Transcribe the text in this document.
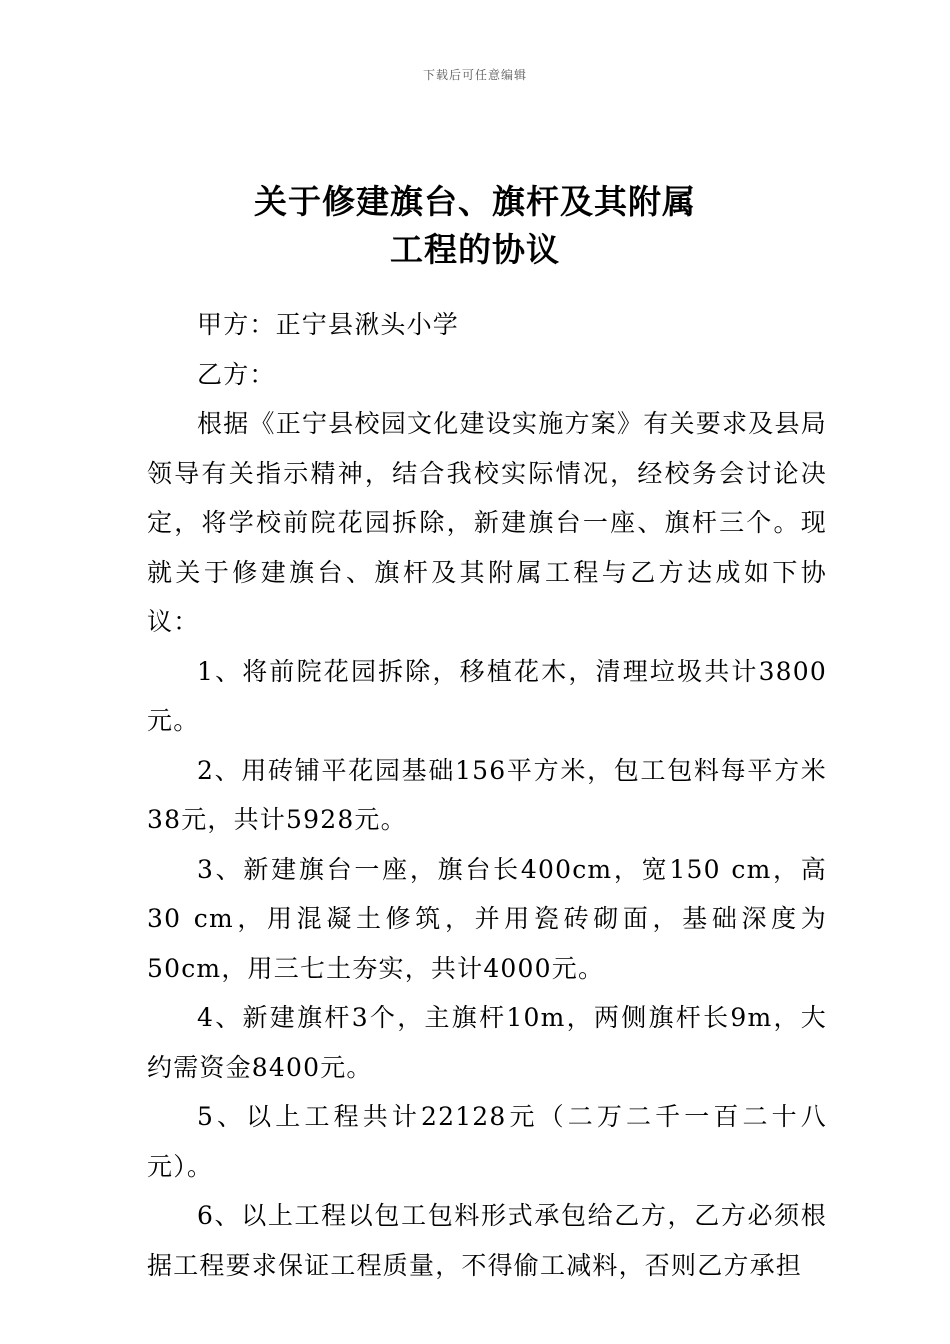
下载后可任意编辑
关于修建旗台、旗杆及其附属
工程的协议

甲方：正宁县湫头小学

乙方：

根据《正宁县校园文化建设实施方案》有关要求及县局领导有关指示精神，结合我校实际情况，经校务会讨论决定，将学校前院花园拆除，新建旗台一座、旗杆三个。现就关于修建旗台、旗杆及其附属工程与乙方达成如下协议：

1、将前院花园拆除，移植花木，清理垃圾共计3800元。

2、用砖铺平花园基础156平方米，包工包料每平方米38元，共计5928元。

3、新建旗台一座，旗台长400cm，宽150 cm，高30 cm，用混凝土修筑，并用瓷砖砌面，基础深度为50cm，用三七土夯实，共计4000元。

4、新建旗杆3个，主旗杆10m，两侧旗杆长9m，大约需资金8400元。

5、以上工程共计22128元（二万二千一百二十八元）。

6、以上工程以包工包料形式承包给乙方，乙方必须根据工程要求保证工程质量，不得偷工减料，否则乙方承担
